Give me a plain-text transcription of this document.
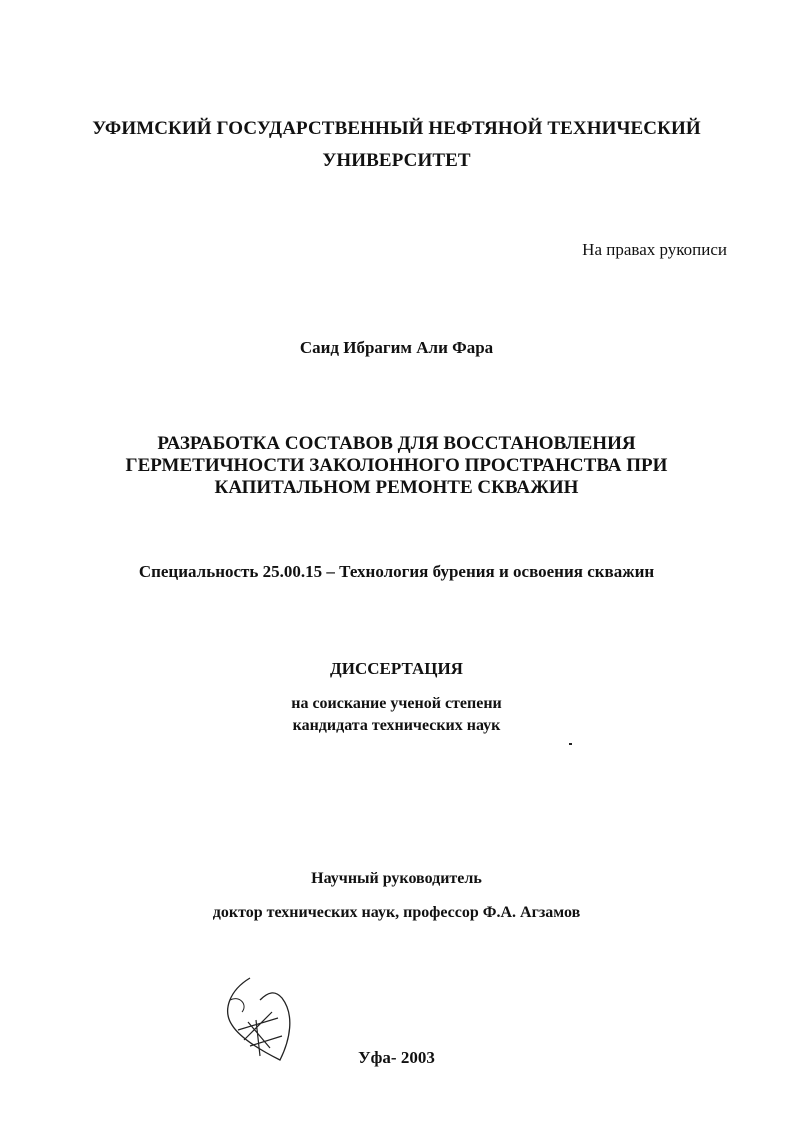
УФИМСКИЙ ГОСУДАРСТВЕННЫЙ НЕФТЯНОЙ ТЕХНИЧЕСКИЙ
УНИВЕРСИТЕТ
На правах рукописи
Саид Ибрагим Али Фара
РАЗРАБОТКА СОСТАВОВ ДЛЯ ВОССТАНОВЛЕНИЯ
ГЕРМЕТИЧНОСТИ ЗАКОЛОННОГО ПРОСТРАНСТВА ПРИ
КАПИТАЛЬНОМ РЕМОНТЕ СКВАЖИН
Специальность 25.00.15 – Технология бурения и освоения скважин
ДИССЕРТАЦИЯ
на соискание ученой степени
кандидата технических наук
Научный руководитель
доктор технических наук, профессор Ф.А. Агзамов
Уфа- 2003
